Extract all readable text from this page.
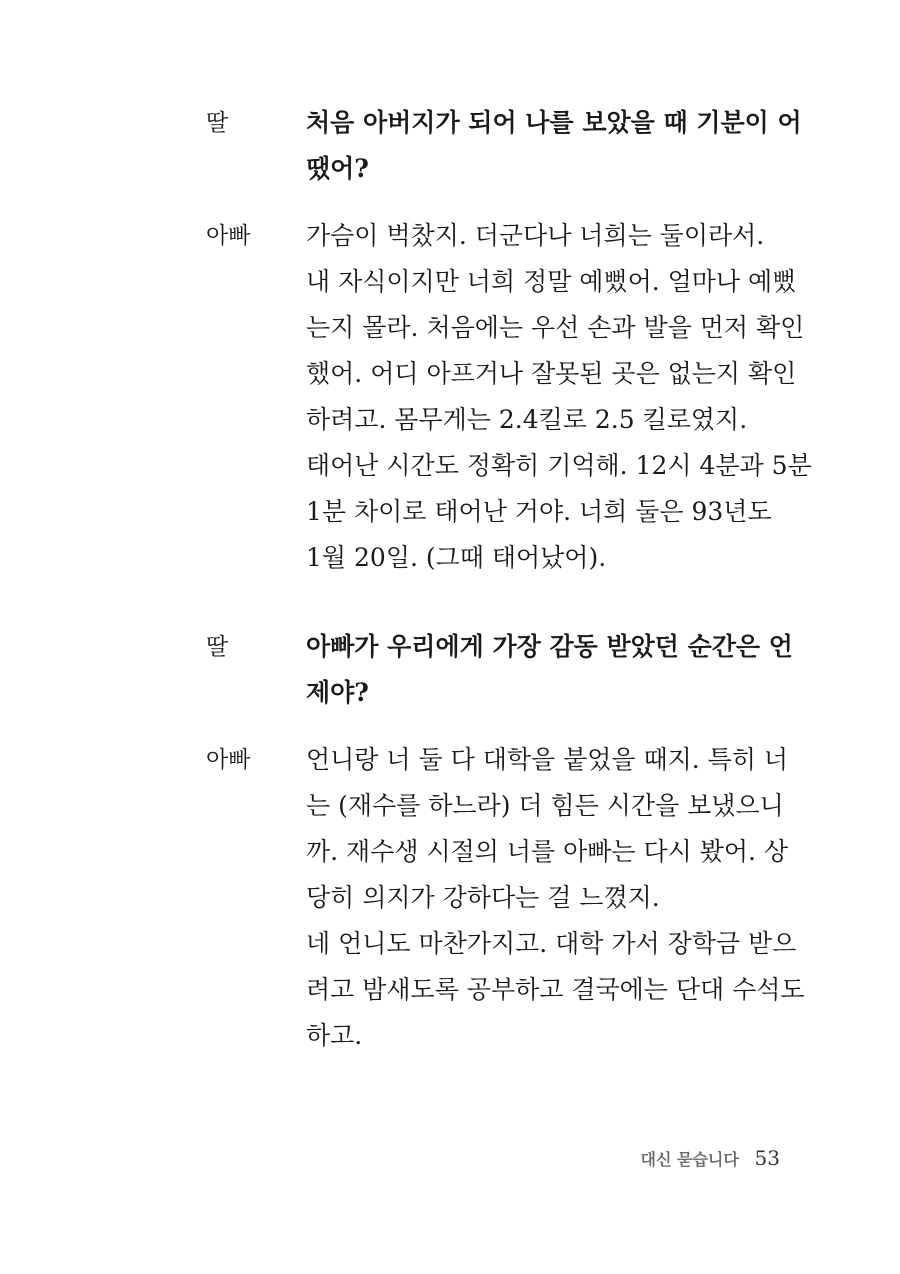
딸	처음 아버지가 되어 나를 보았을 때 기분이 어
땠어?
아빠 가슴이 벅찼지. 더군다나 너희는 둘이라서.
내 자식이지만 너희 정말 예뻤어. 얼마나 예뻤
는지 몰라. 처음에는 우선 손과 발을 먼저 확인
했어. 어디 아프거나 잘못된 곳은 없는지 확인
하려고. 몸무게는 2.4킬로 2.5 킬로였지.
태어난 시간도 정확히 기억해. 12시 4분과 5분
1분 차이로 태어난 거야. 너희 둘은 93년도
1월 20일. (그때 태어났어).
딸	아빠가 우리에게 가장 감동 받았던 순간은 언
제야?
아빠 언니랑 너 둘 다 대학을 붙었을 때지. 특히 너
는 (재수를 하느라) 더 힘든 시간을 보냈으니
까. 재수생 시절의 너를 아빠는 다시 봤어. 상
당히 의지가 강하다는 걸 느꼈지.
네 언니도 마찬가지고. 대학 가서 장학금 받으
려고 밤새도록 공부하고 결국에는 단대 수석도
하고.
대신 묻습니다 53
